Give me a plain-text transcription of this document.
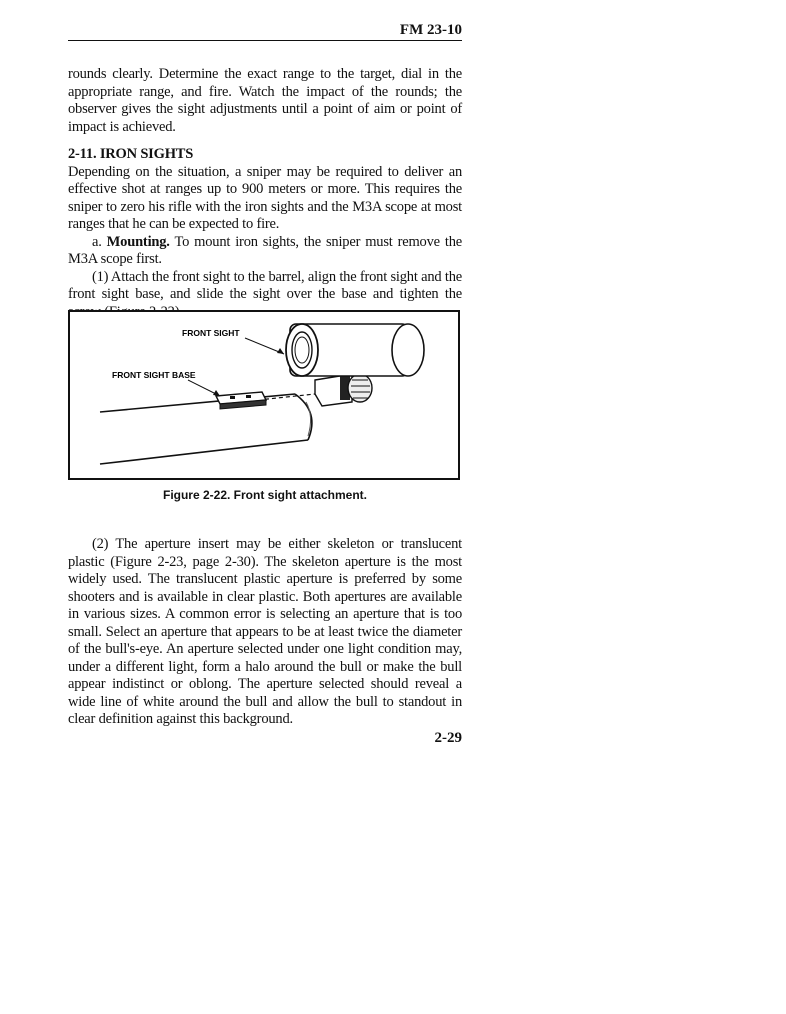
FM 23-10

rounds clearly. Determine the exact range to the target, dial in the appropriate range, and fire. Watch the impact of the rounds; the observer gives the sight adjustments until a point of aim or point of impact is achieved.

2-11. IRON SIGHTS

Depending on the situation, a sniper may be required to deliver an effective shot at ranges up to 900 meters or more. This requires the sniper to zero his rifle with the iron sights and the M3A scope at most ranges that he can be expected to fire.

a. Mounting. To mount iron sights, the sniper must remove the M3A scope first.

(1) Attach the front sight to the barrel, align the front sight and the front sight base, and slide the sight over the base and tighten the

FRONT SIGHT
FRONT SIGHT BASE
Figure 2-22. Front sight attachment.

(2) The aperture insert may be either skeleton or translucent plastic (Figure 2-23, page 2-30). The skeleton aperture is the most widely used. The translucent plastic aperture is preferred by some shooters and is available in clear plastic. Both apertures are available in various sizes. A common error is selecting an aperture that is too small. Select an aperture that appears to be at least twice the diameter of the bull's-eye. An aperture selected under one light condition may, under a different light, form a halo around the bull or make the bull appear indistinct or oblong. The aperture selected should reveal a wide line of white around the bull and allow the bull to standout in clear definition against this background.

2-29
